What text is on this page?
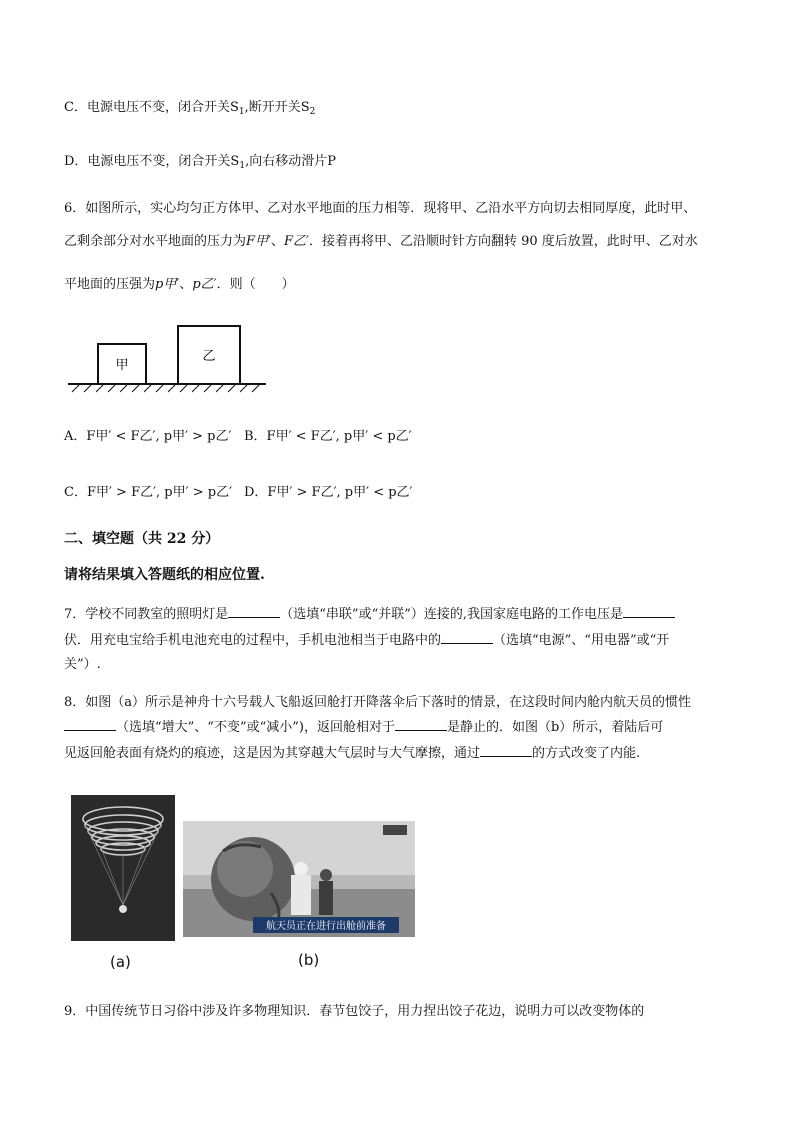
C．电源电压不变，闭合开关$S_1$,断开开关$S_2$
D．电源电压不变，闭合开关$S_1$,向右移动滑片P
6．如图所示，实心均匀正方体甲、乙对水平地面的压力相等．现将甲、乙沿水平方向切去相同厚度，此时甲、
乙剩余部分对水平地面的压力为F甲′、F乙′．接着再将甲、乙沿顺时针方向翻转 90 度后放置，此时甲、乙对水
平地面的压强为p甲′、p乙′．则（　　）
甲
乙
A．F甲′ < F乙′, p甲′ > p乙′ B．F甲′ < F乙′, p甲′ < p乙′
C．F甲′ > F乙′, p甲′ > p乙′ D．F甲′ > F乙′, p甲′ < p乙′
二、填空题（共 22 分）
请将结果填入答题纸的相应位置.
7．学校不同教室的照明灯是	（选填“串联”或“并联”）连接的,我国家庭电路的工作电压是
伏．用充电宝给手机电池充电的过程中，手机电池相当于电路中的	（选填“电源”、“用电器”或“开
关”）.
8．如图（a）所示是神舟十六号载人飞船返回舱打开降落伞后下落时的情景，在这段时间内舱内航天员的惯性
（选填“增大”、“不变”或“减小”)，返回舱相对于	是静止的．如图（b）所示，着陆后可
见返回舱表面有烧灼的痕迹，这是因为其穿越大气层时与大气摩擦，通过	的方式改变了内能.
(a)
航天员正在进行出舱前准备
(b)
9．中国传统节日习俗中涉及许多物理知识．春节包饺子，用力捏出饺子花边，说明力可以改变物体的
